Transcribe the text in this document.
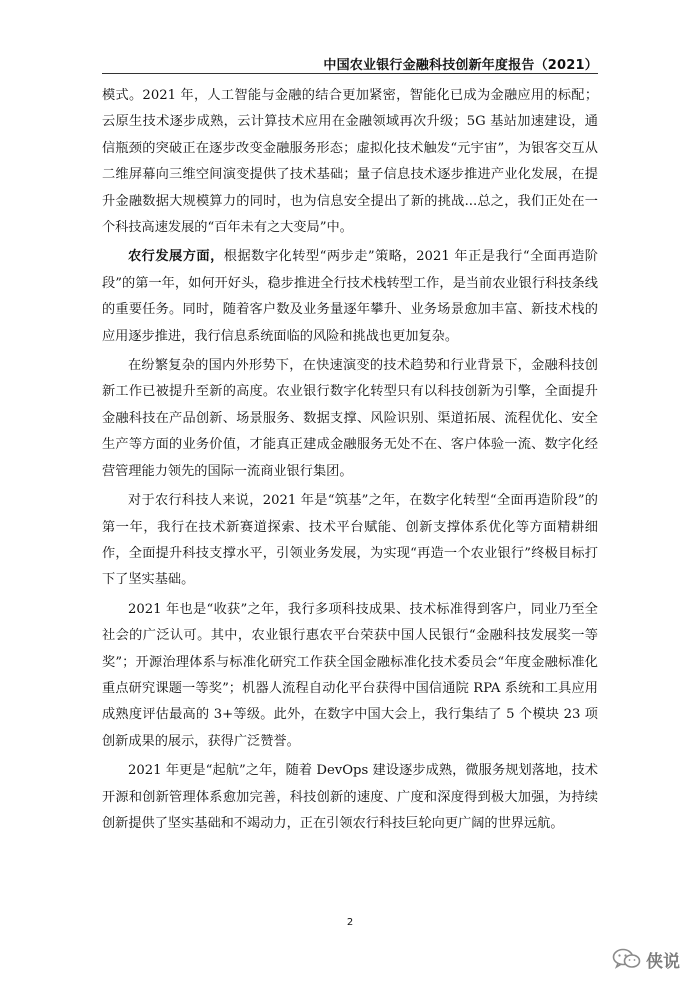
中国农业银行金融科技创新年度报告（2021）

模式。2021 年，人工智能与金融的结合更加紧密，智能化已成为金融应用的标配；云原生技术逐步成熟，云计算技术应用在金融领域再次升级；5G 基站加速建设，通信瓶颈的突破正在逐步改变金融服务形态；虚拟化技术触发“元宇宙”，为银客交互从二维屏幕向三维空间演变提供了技术基础；量子信息技术逐步推进产业化发展，在提升金融数据大规模算力的同时，也为信息安全提出了新的挑战...总之，我们正处在一个科技高速发展的“百年未有之大变局”中。

农行发展方面，根据数字化转型“两步走”策略，2021 年正是我行“全面再造阶段”的第一年，如何开好头，稳步推进全行技术栈转型工作，是当前农业银行科技条线的重要任务。同时，随着客户数及业务量逐年攀升、业务场景愈加丰富、新技术栈的应用逐步推进，我行信息系统面临的风险和挑战也更加复杂。

在纷繁复杂的国内外形势下，在快速演变的技术趋势和行业背景下，金融科技创新工作已被提升至新的高度。农业银行数字化转型只有以科技创新为引擎，全面提升金融科技在产品创新、场景服务、数据支撑、风险识别、渠道拓展、流程优化、安全生产等方面的业务价值，才能真正建成金融服务无处不在、客户体验一流、数字化经营管理能力领先的国际一流商业银行集团。

对于农行科技人来说，2021 年是“筑基”之年，在数字化转型“全面再造阶段”的第一年，我行在技术新赛道探索、技术平台赋能、创新支撑体系优化等方面精耕细作，全面提升科技支撑水平，引领业务发展，为实现“再造一个农业银行”终极目标打下了坚实基础。

2021 年也是“收获”之年，我行多项科技成果、技术标准得到客户，同业乃至全社会的广泛认可。其中，农业银行惠农平台荣获中国人民银行“金融科技发展奖一等奖”；开源治理体系与标准化研究工作获全国金融标准化技术委员会“年度金融标准化重点研究课题一等奖”；机器人流程自动化平台获得中国信通院 RPA 系统和工具应用成熟度评估最高的 3+等级。此外，在数字中国大会上，我行集结了 5 个模块 23 项创新成果的展示，获得广泛赞誉。

2021 年更是“起航”之年，随着 DevOps 建设逐步成熟，微服务规划落地，技术开源和创新管理体系愈加完善，科技创新的速度、广度和深度得到极大加强，为持续创新提供了坚实基础和不竭动力，正在引领农行科技巨轮向更广阔的世界远航。

2
侠说
